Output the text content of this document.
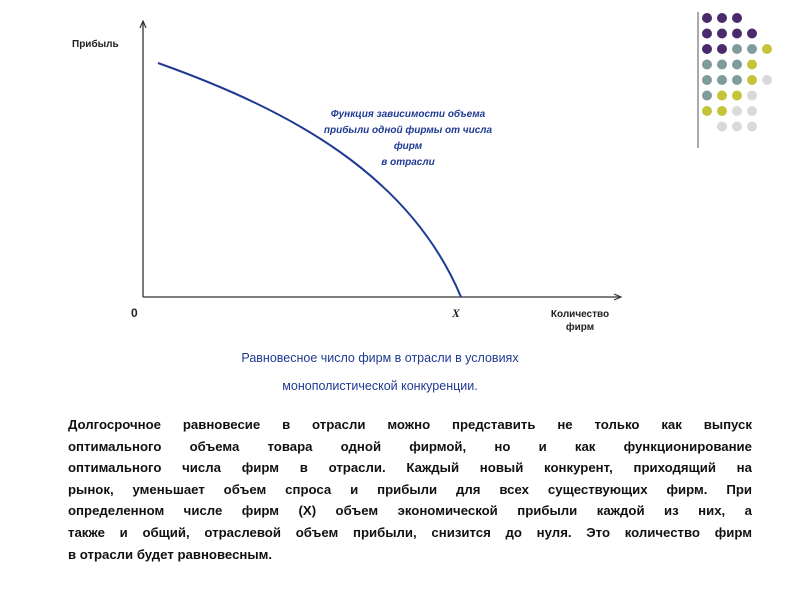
Прибыль
0	X	Количество
фирм
Функция зависимости объема
прибыли одной фирмы от числа фирм
в отрасли
Равновесное число фирм в отрасли в условиях
монополистической конкуренции.
Долгосрочное равновесие в отрасли можно представить не только как выпуск
оптимального объема товара одной фирмой, но и как функционирование
оптимального числа фирм в отрасли. Каждый новый конкурент, приходящий на
рынок, уменьшает объем спроса и прибыли для всех существующих фирм. При
определенном числе фирм (X) объем экономической прибыли каждой из них, а
также и общий, отраслевой объем прибыли, снизится до нуля. Это количество фирм
в отрасли будет равновесным.
